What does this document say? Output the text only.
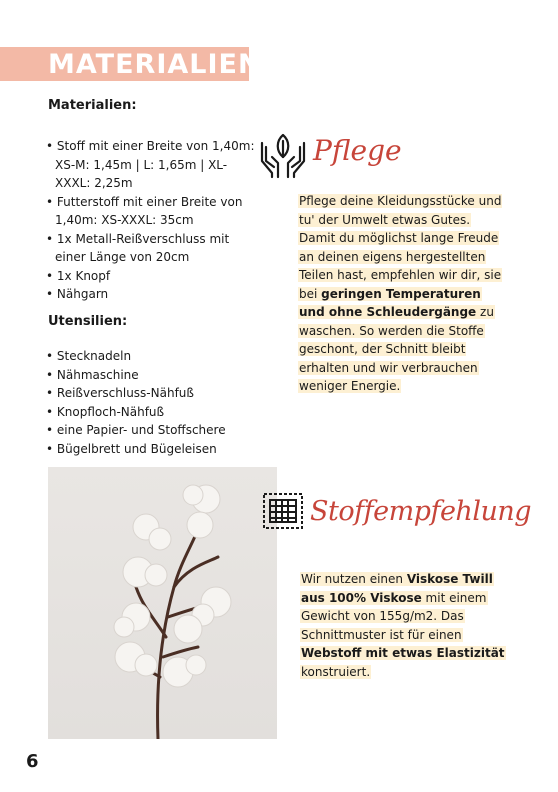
MATERIALIEN
Materialien:
• Stoff mit einer Breite von 1,40m: XS-M: 1,45m | L: 1,65m | XL-XXXL: 2,25m
• Futterstoff mit einer Breite von 1,40m: XS-XXXL: 35cm
• 1x Metall-Reißverschluss mit einer Länge von 20cm
• 1x Knopf
• Nähgarn
Utensilien:
• Stecknadeln
• Nähmaschine
• Reißverschluss-Nähfuß
• Knopfloch-Nähfuß
• eine Papier- und Stoffschere
• Bügelbrett und Bügeleisen
Pflege
Pflege deine Kleidungsstücke und tu' der Umwelt etwas Gutes. Damit du möglichst lange Freude an deinen eigens hergestellten Teilen hast, empfehlen wir dir, sie bei geringen Temperaturen und ohne Schleudergänge zu waschen. So werden die Stoffe geschont, der Schnitt bleibt erhalten und wir verbrauchen weniger Energie.
Stoffempfehlung
Wir nutzen einen Viskose Twill aus 100% Viskose mit einem Gewicht von 155g/m2. Das Schnittmuster ist für einen Webstoff mit etwas Elastizität konstruiert.
6
